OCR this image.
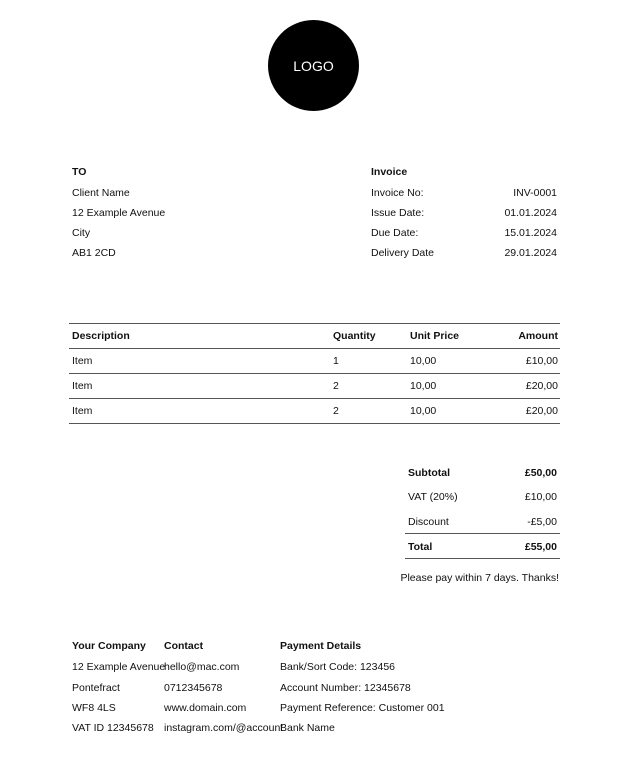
LOGO
TO
Client Name
12 Example Avenue
City
AB1 2CD
Invoice
Invoice No:	INV-0001
Issue Date:	01.01.2024
Due Date:	15.01.2024
Delivery Date	29.01.2024
Description	Quantity	Unit Price	Amount
Item	1	10,00	£10,00
Item	2	10,00	£20,00
Item	2	10,00	£20,00
Subtotal	£50,00
VAT (20%)	£10,00
Discount	-£5,00
Total	£55,00
Please pay within 7 days. Thanks!
Your Company
12 Example Avenue
Pontefract
WF8 4LS
VAT ID 12345678
Contact
hello@mac.com
0712345678
www.domain.com
instagram.com/@account
Payment Details
Bank/Sort Code: 123456
Account Number: 12345678
Payment Reference: Customer 001
Bank Name
